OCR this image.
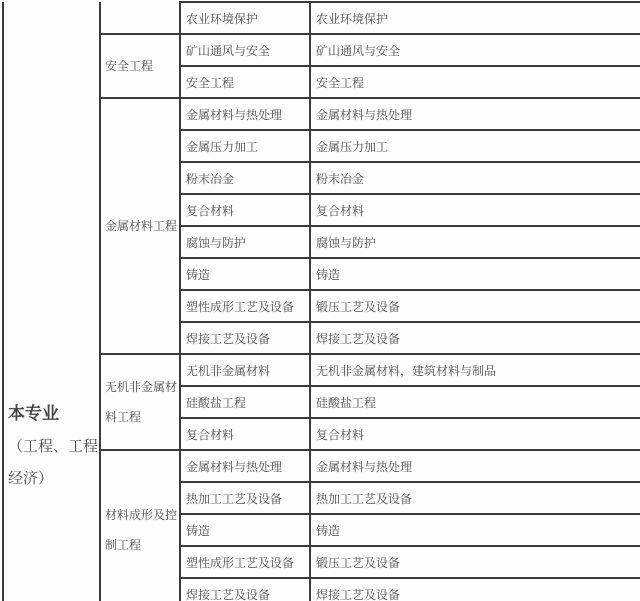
本专业
（工程、工程
经济）		农业环境保护	农业环境保护

	安全工程	矿山通风与安全	矿山通风与安全
		安全工程	安全工程

	金属材料工程	金属材料与热处理	金属材料与热处理
		金属压力加工	金属压力加工
		粉末冶金	粉末冶金
		复合材料	复合材料
		腐蚀与防护	腐蚀与防护
		铸造	铸造
		塑性成形工艺及设备	锻压工艺及设备
		焊接工艺及设备	焊接工艺及设备

	无机非金属材
料工程	无机非金属材料	无机非金属材料，建筑材料与制品
		硅酸盐工程	硅酸盐工程
		复合材料	复合材料

	材料成形及控
制工程	金属材料与热处理	金属材料与热处理
		热加工工艺及设备	热加工工艺及设备
		铸造	铸造
		塑性成形工艺及设备	锻压工艺及设备
		焊接工艺及设备	焊接工艺及设备
